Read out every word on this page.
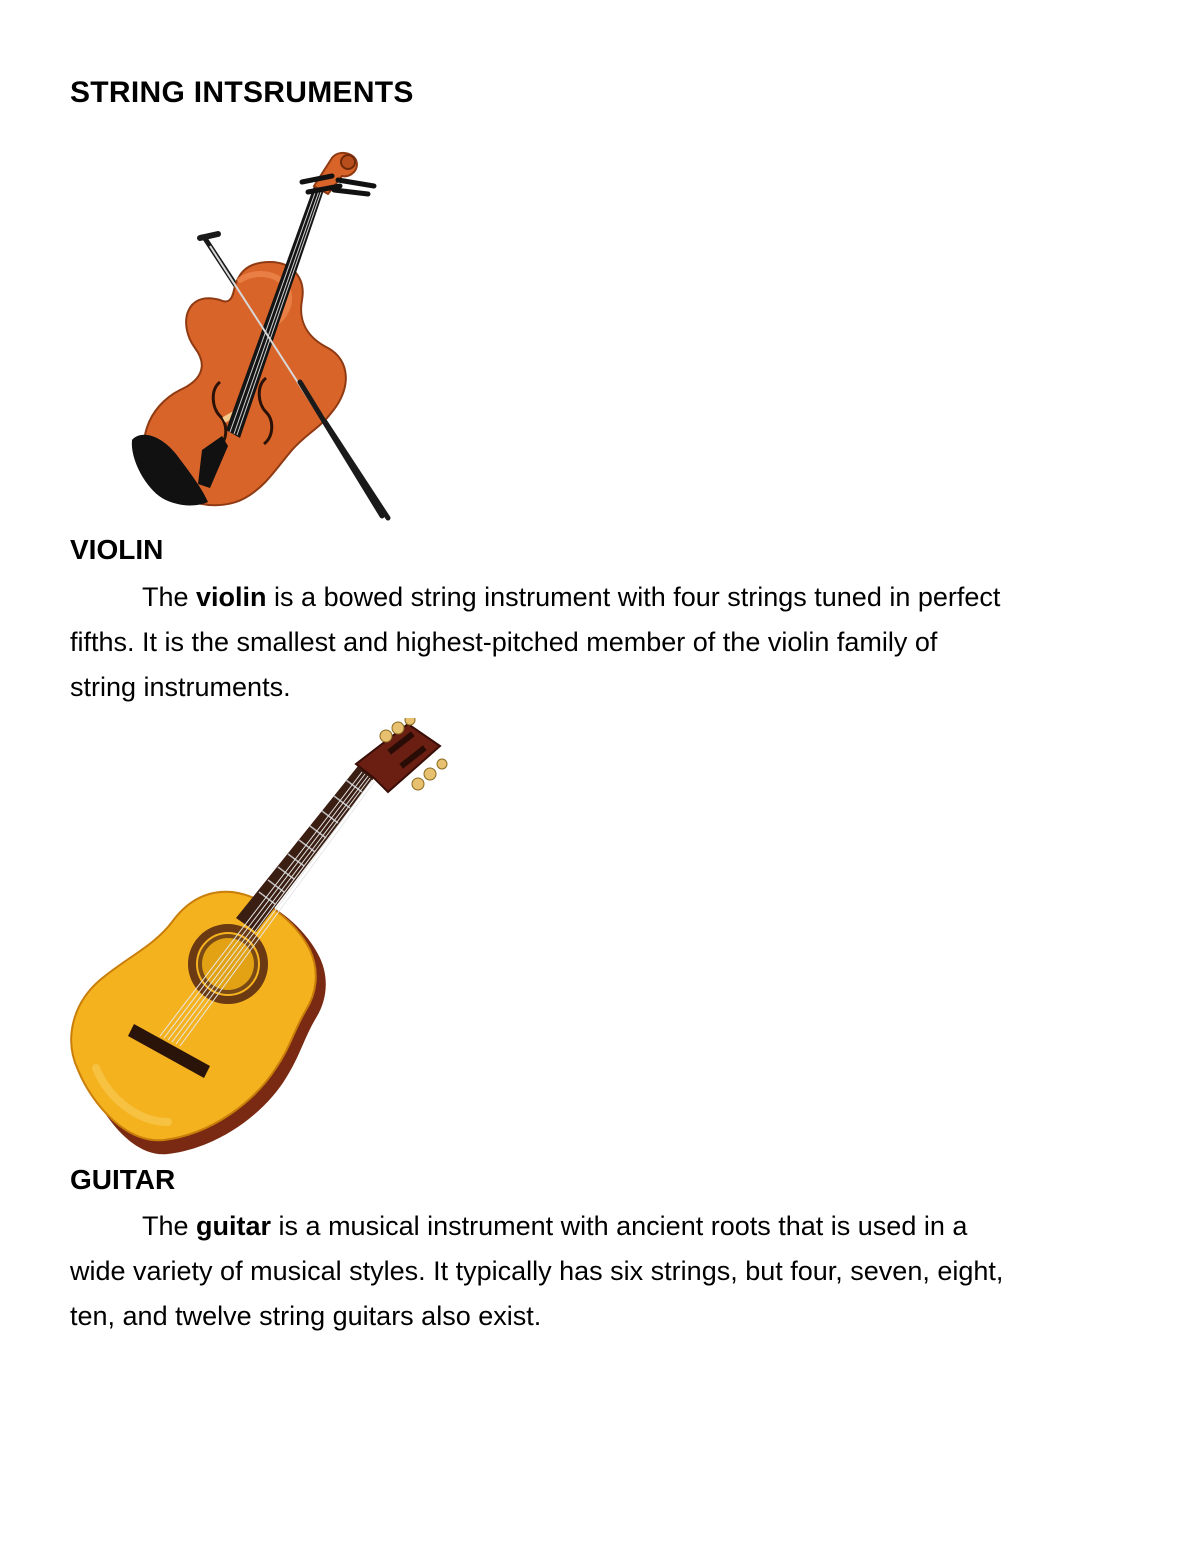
STRING INTSRUMENTS
VIOLIN

The violin is a bowed string instrument with four strings tuned in perfect
fifths. It is the smallest and highest-pitched member of the violin family of
string instruments.

GUITAR

The guitar is a musical instrument with ancient roots that is used in a
wide variety of musical styles. It typically has six strings, but four, seven, eight,
ten, and twelve string guitars also exist.
